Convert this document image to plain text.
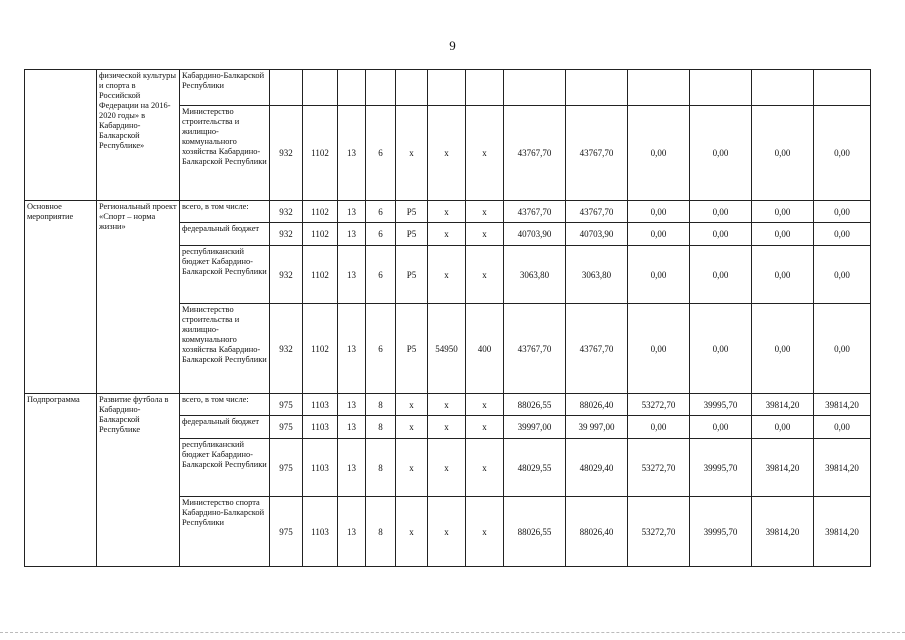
9
	физической культуры и спорта в Российской Федерации на 2016-2020 годы» в Кабардино-Балкарской Республике»	Кабардино-Балкарской Республики													
		Министерство строительства и жилищно-коммунального хозяйства Кабардино-Балкарской Республики	932	1102	13	6	х	х	х	43767,70	43767,70	0,00	0,00	0,00	0,00
Основное мероприятие	Региональный проект «Спорт – норма жизни»	всего, в том числе:	932	1102	13	6	P5	х	х	43767,70	43767,70	0,00	0,00	0,00	0,00
		федеральный бюджет	932	1102	13	6	P5	х	х	40703,90	40703,90	0,00	0,00	0,00	0,00
		республиканский бюджет Кабардино-Балкарской Республики	932	1102	13	6	P5	х	х	3063,80	3063,80	0,00	0,00	0,00	0,00
		Министерство строительства и жилищно-коммунального хозяйства Кабардино-Балкарской Республики	932	1102	13	6	P5	54950	400	43767,70	43767,70	0,00	0,00	0,00	0,00
Подпрограмма	Развитие футбола в Кабардино-Балкарской Республике	всего, в том числе:	975	1103	13	8	х	х	х	88026,55	88026,40	53272,70	39995,70	39814,20	39814,20
		федеральный бюджет	975	1103	13	8	х	х	х	39997,00	39 997,00	0,00	0,00	0,00	0,00
		республиканский бюджет Кабардино-Балкарской Республики	975	1103	13	8	х	х	х	48029,55	48029,40	53272,70	39995,70	39814,20	39814,20
		Министерство спорта Кабардино-Балкарской Республики	975	1103	13	8	х	х	х	88026,55	88026,40	53272,70	39995,70	39814,20	39814,20
